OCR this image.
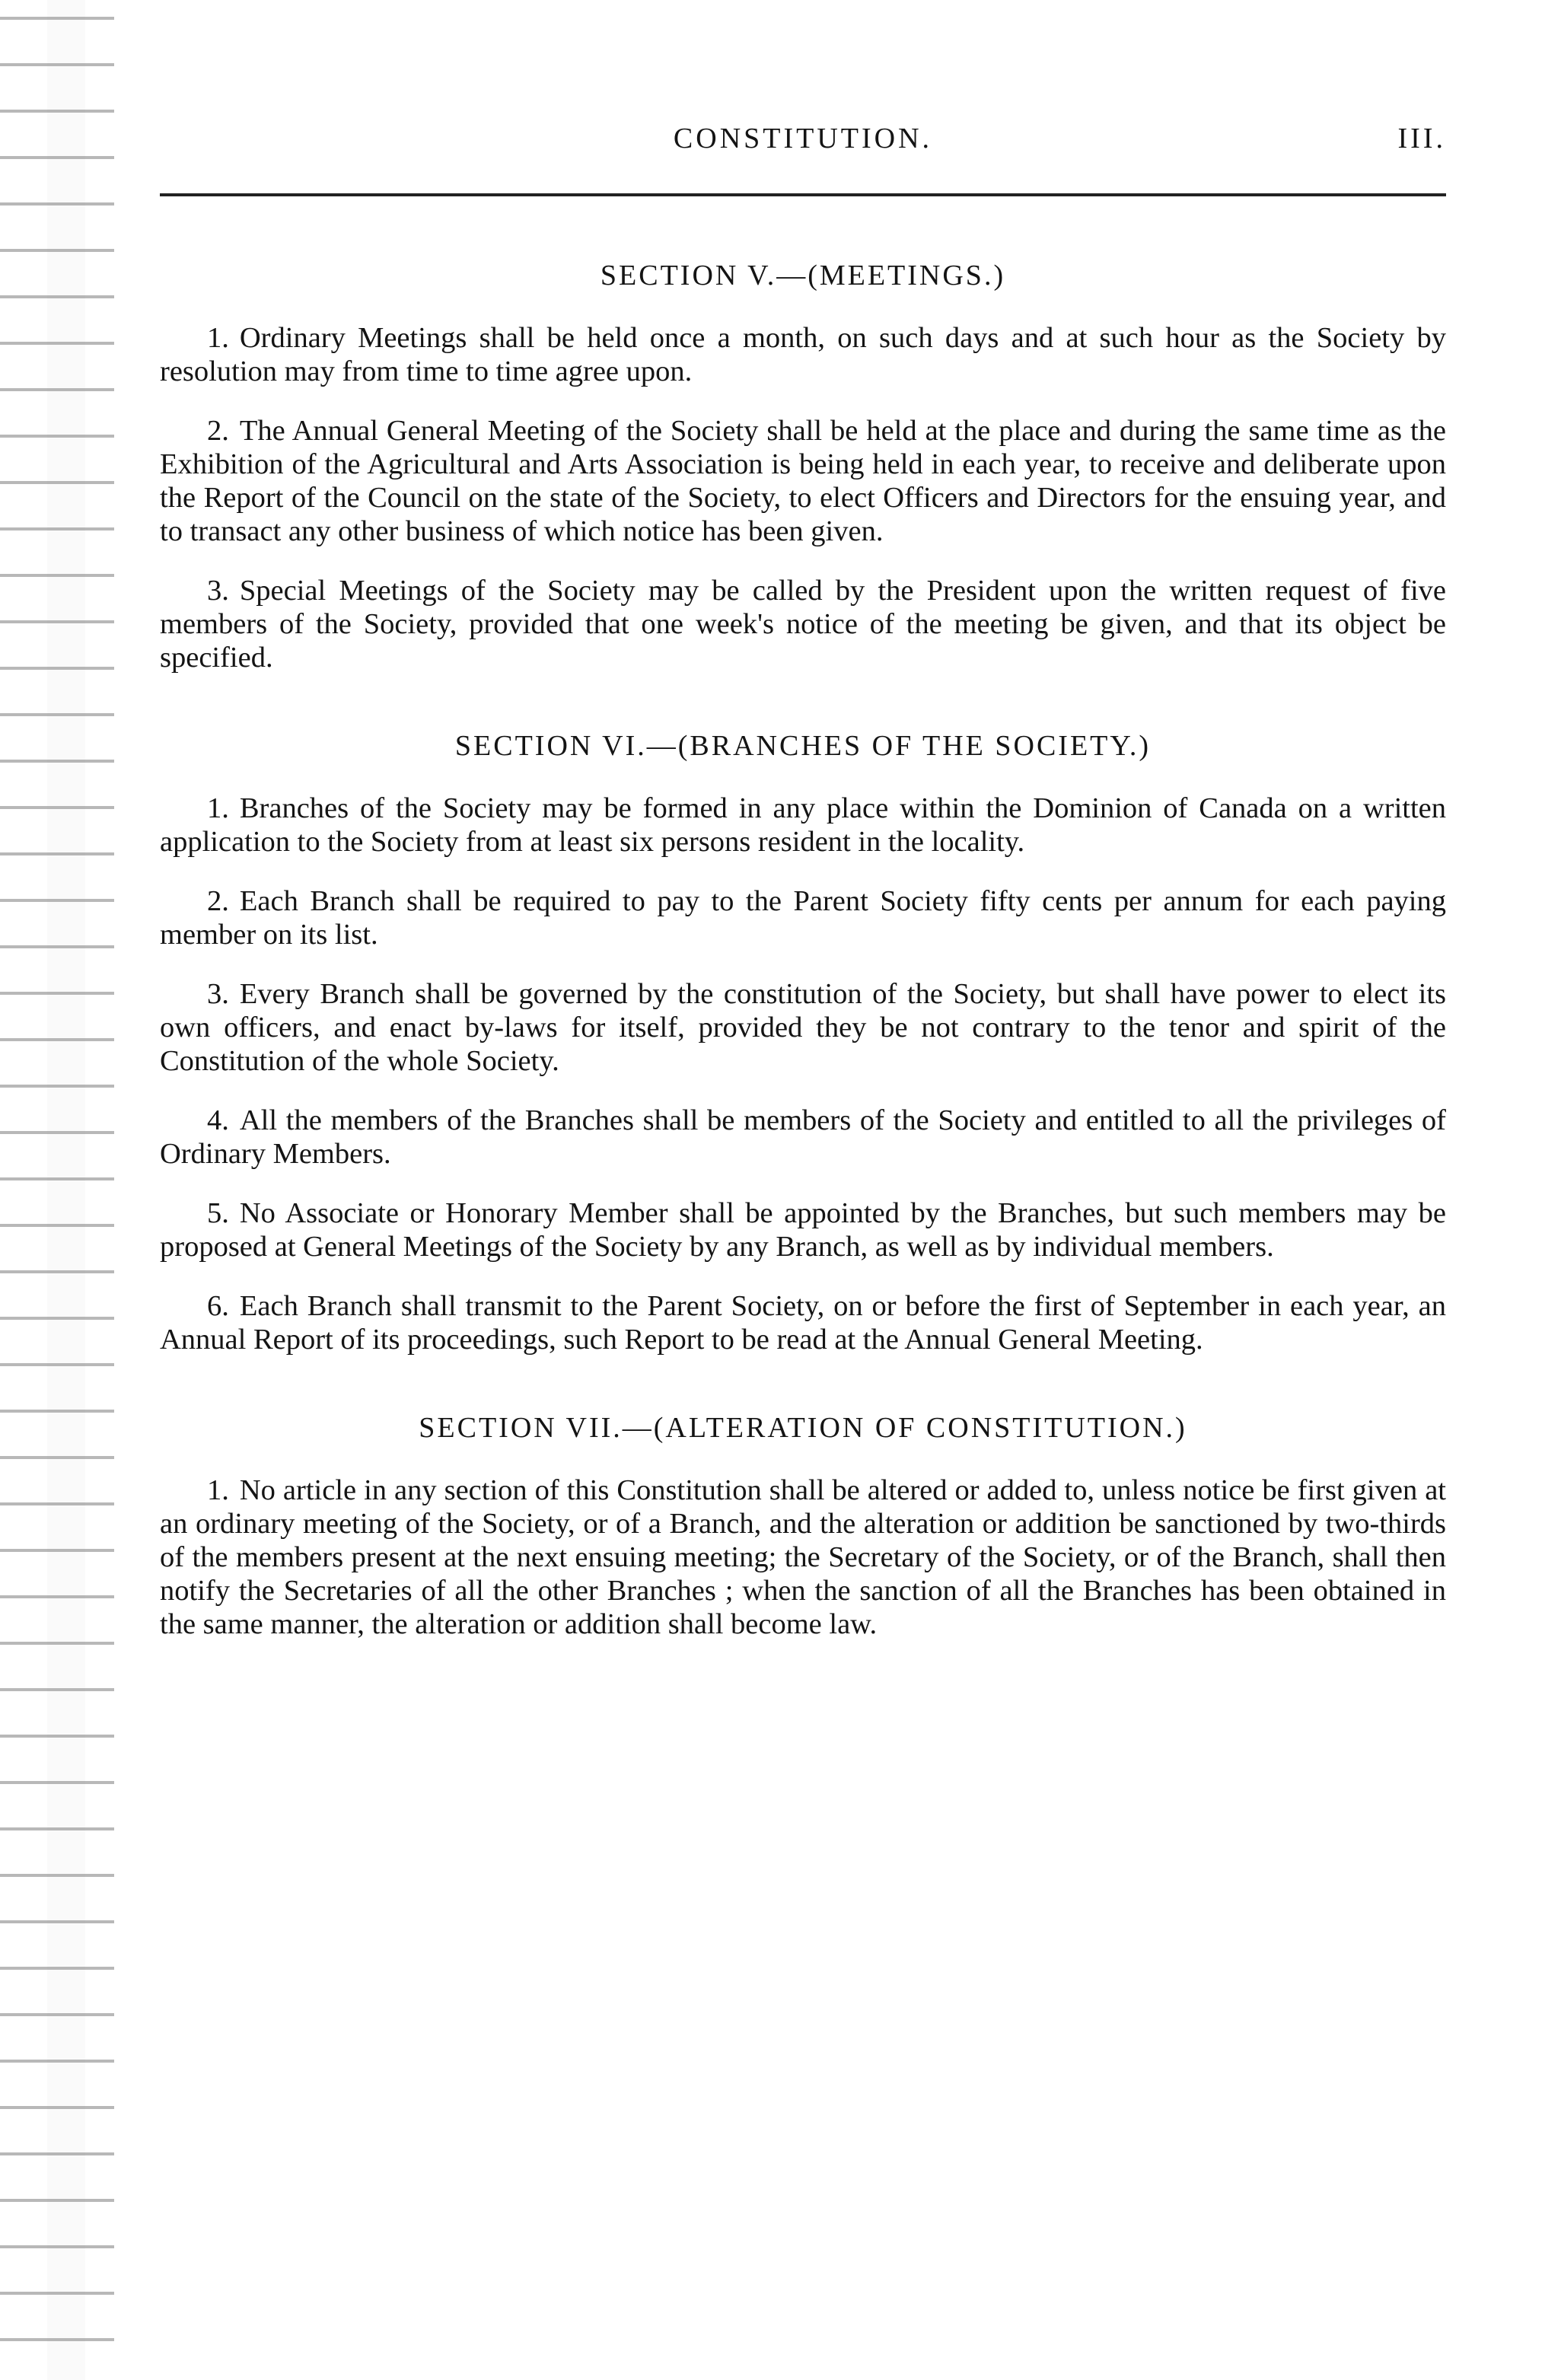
CONSTITUTION.	III.
SECTION V.—(MEETINGS.)

1. Ordinary Meetings shall be held once a month, on such days and at such hour as the Society by resolution may from time to time agree upon.

2. The Annual General Meeting of the Society shall be held at the place and during the same time as the Exhibition of the Agricultural and Arts Association is being held in each year, to receive and deliberate upon the Report of the Council on the state of the Society, to elect Officers and Directors for the ensuing year, and to transact any other business of which notice has been given.

3. Special Meetings of the Society may be called by the President upon the written request of five members of the Society, provided that one week's notice of the meeting be given, and that its object be specified.

SECTION VI.—(BRANCHES OF THE SOCIETY.)

1. Branches of the Society may be formed in any place within the Dominion of Canada on a written application to the Society from at least six persons resident in the locality.

2. Each Branch shall be required to pay to the Parent Society fifty cents per annum for each paying member on its list.

3. Every Branch shall be governed by the constitution of the Society, but shall have power to elect its own officers, and enact by-laws for itself, provided they be not contrary to the tenor and spirit of the Constitution of the whole Society.

4. All the members of the Branches shall be members of the Society and entitled to all the privileges of Ordinary Members.

5. No Associate or Honorary Member shall be appointed by the Branches, but such members may be proposed at General Meetings of the Society by any Branch, as well as by individual members.

6. Each Branch shall transmit to the Parent Society, on or before the first of September in each year, an Annual Report of its proceedings, such Report to be read at the Annual General Meeting.

SECTION VII.—(ALTERATION OF CONSTITUTION.)

1. No article in any section of this Constitution shall be altered or added to, unless notice be first given at an ordinary meeting of the Society, or of a Branch, and the alteration or addition be sanctioned by two-thirds of the members present at the next ensuing meeting; the Secretary of the Society, or of the Branch, shall then notify the Secretaries of all the other Branches ; when the sanction of all the Branches has been obtained in the same manner, the alteration or addition shall become law.
